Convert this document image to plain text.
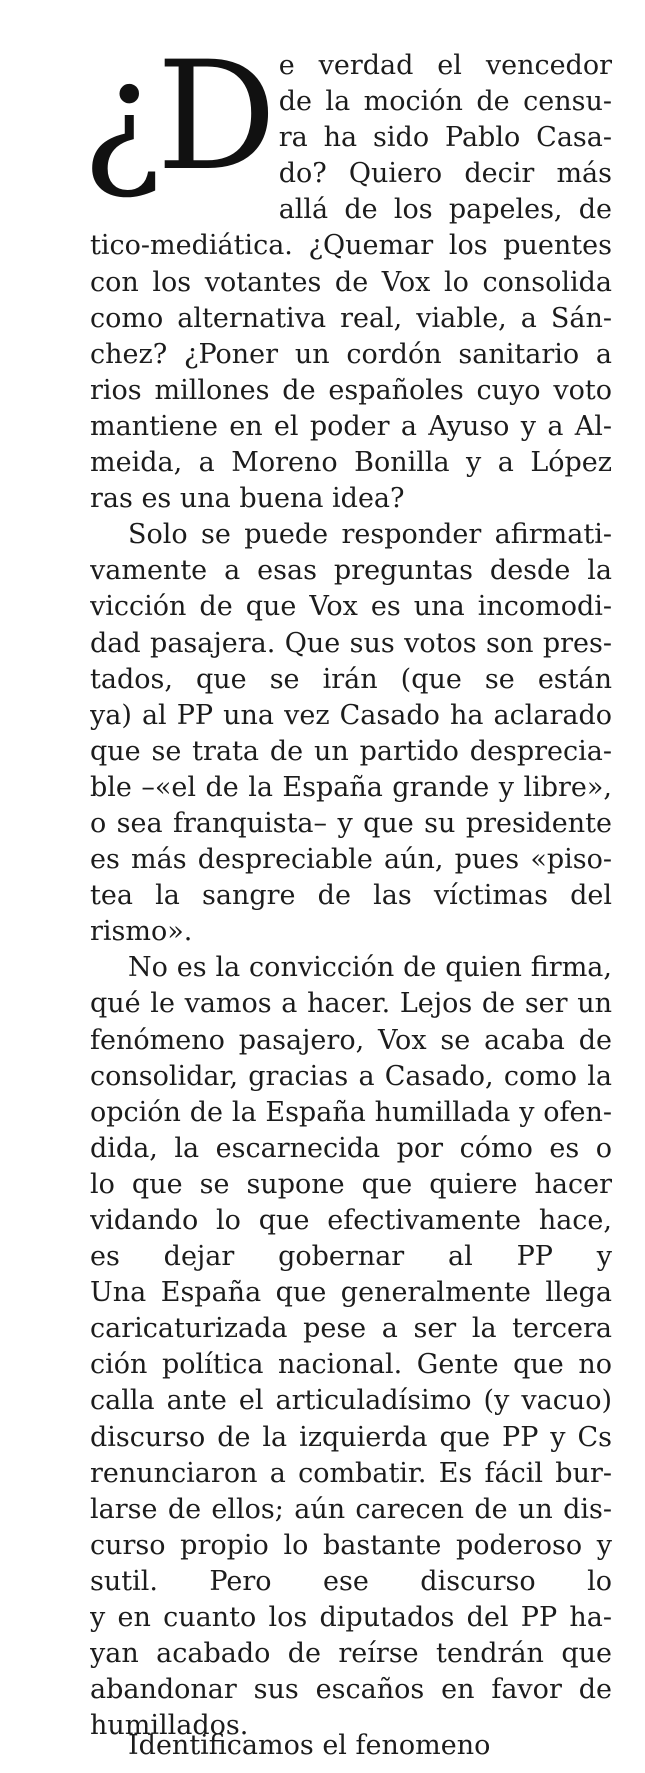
¿D e verdad el vencedor
de la moción de censu-
ra ha sido Pablo Casa-
do? Quiero decir más
allá de los papeles, de
tico-mediática. ¿Quemar los puentes
con los votantes de Vox lo consolida
como alternativa real, viable, a Sán-
chez? ¿Poner un cordón sanitario a
rios millones de españoles cuyo voto
mantiene en el poder a Ayuso y a Al-
meida, a Moreno Bonilla y a López
ras es una buena idea?
Solo se puede responder afirmati-
vamente a esas preguntas desde la
vicción de que Vox es una incomodi-
dad pasajera. Que sus votos son pres-
tados, que se irán (que se están
ya) al PP una vez Casado ha aclarado
que se trata de un partido desprecia-
ble –«el de la España grande y libre»,
o sea franquista– y que su presidente
es más despreciable aún, pues «piso-
tea la sangre de las víctimas del
rismo».
No es la convicción de quien firma,
qué le vamos a hacer. Lejos de ser un
fenómeno pasajero, Vox se acaba de
consolidar, gracias a Casado, como la
opción de la España humillada y ofen-
dida, la escarnecida por cómo es o
lo que se supone que quiere hacer
vidando lo que efectivamente hace,
es dejar gobernar al PP y
Una España que generalmente llega
caricaturizada pese a ser la tercera
ción política nacional. Gente que no
calla ante el articuladísimo (y vacuo)
discurso de la izquierda que PP y Cs
renunciaron a combatir. Es fácil bur-
larse de ellos; aún carecen de un dis-
curso propio lo bastante poderoso y
sutil. Pero ese discurso lo
y en cuanto los diputados del PP ha-
yan acabado de reírse tendrán que
abandonar sus escaños en favor de
humillados.
Identificamos el fenomeno
